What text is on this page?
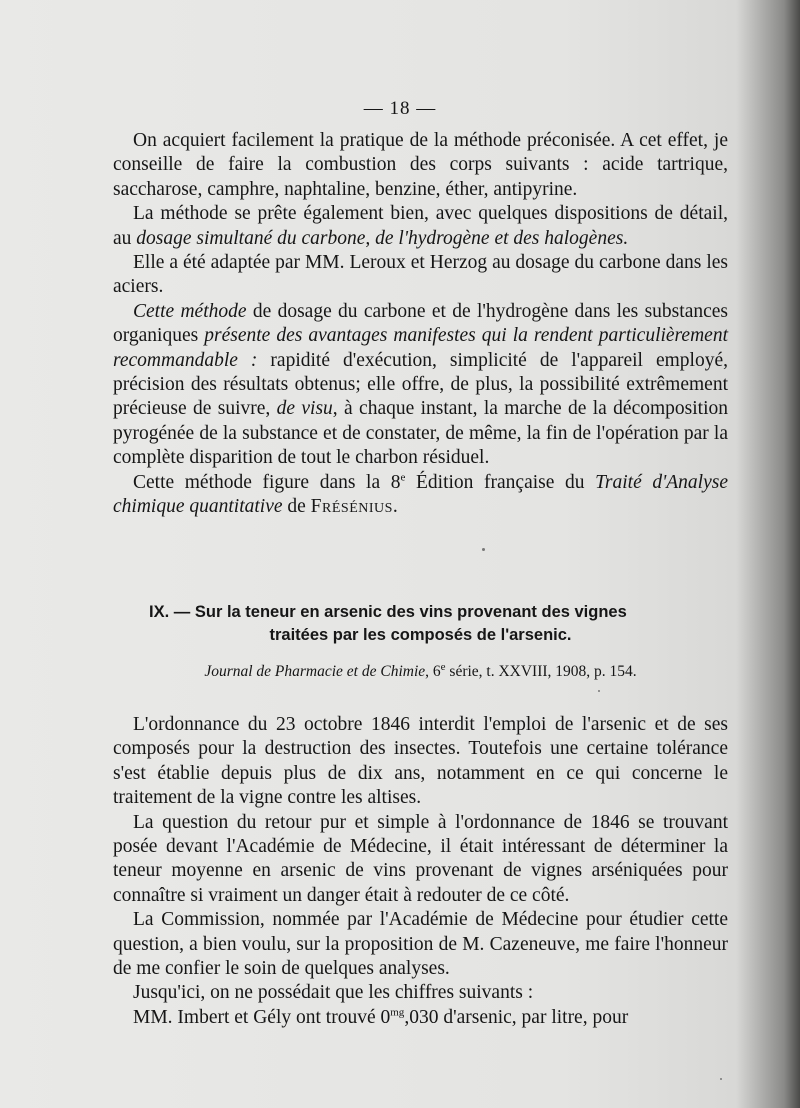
— 18 —

On acquiert facilement la pratique de la méthode préconisée. A cet effet, je conseille de faire la combustion des corps suivants : acide tartrique, saccharose, camphre, naphtaline, benzine, éther, antipyrine.

La méthode se prête également bien, avec quelques dispositions de détail, au dosage simultané du carbone, de l'hydrogène et des halogènes.

Elle a été adaptée par MM. Leroux et Herzog au dosage du carbone dans les aciers.

Cette méthode de dosage du carbone et de l'hydrogène dans les substances organiques présente des avantages manifestes qui la rendent particulièrement recommandable : rapidité d'exécution, simplicité de l'appareil employé, précision des résultats obtenus; elle offre, de plus, la possibilité extrêmement précieuse de suivre, de visu, à chaque instant, la marche de la décomposition pyrogénée de la substance et de constater, de même, la fin de l'opération par la complète disparition de tout le charbon résiduel.

Cette méthode figure dans la 8e Édition française du Traité d'Analyse chimique quantitative de Frésénius.

IX. — Sur la teneur en arsenic des vins provenant des vignes
traitées par les composés de l'arsenic.
Journal de Pharmacie et de Chimie, 6e série, t. XXVIII, 1908, p. 154.

L'ordonnance du 23 octobre 1846 interdit l'emploi de l'arsenic et de ses composés pour la destruction des insectes. Toutefois une certaine tolérance s'est établie depuis plus de dix ans, notamment en ce qui concerne le traitement de la vigne contre les altises.

La question du retour pur et simple à l'ordonnance de 1846 se trouvant posée devant l'Académie de Médecine, il était intéressant de déterminer la teneur moyenne en arsenic de vins provenant de vignes arséniquées pour connaître si vraiment un danger était à redouter de ce côté.

La Commission, nommée par l'Académie de Médecine pour étudier cette question, a bien voulu, sur la proposition de M. Cazeneuve, me faire l'honneur de me confier le soin de quelques analyses.

Jusqu'ici, on ne possédait que les chiffres suivants :

MM. Imbert et Gély ont trouvé $0^{mg},030$ d'arsenic, par litre, pour
